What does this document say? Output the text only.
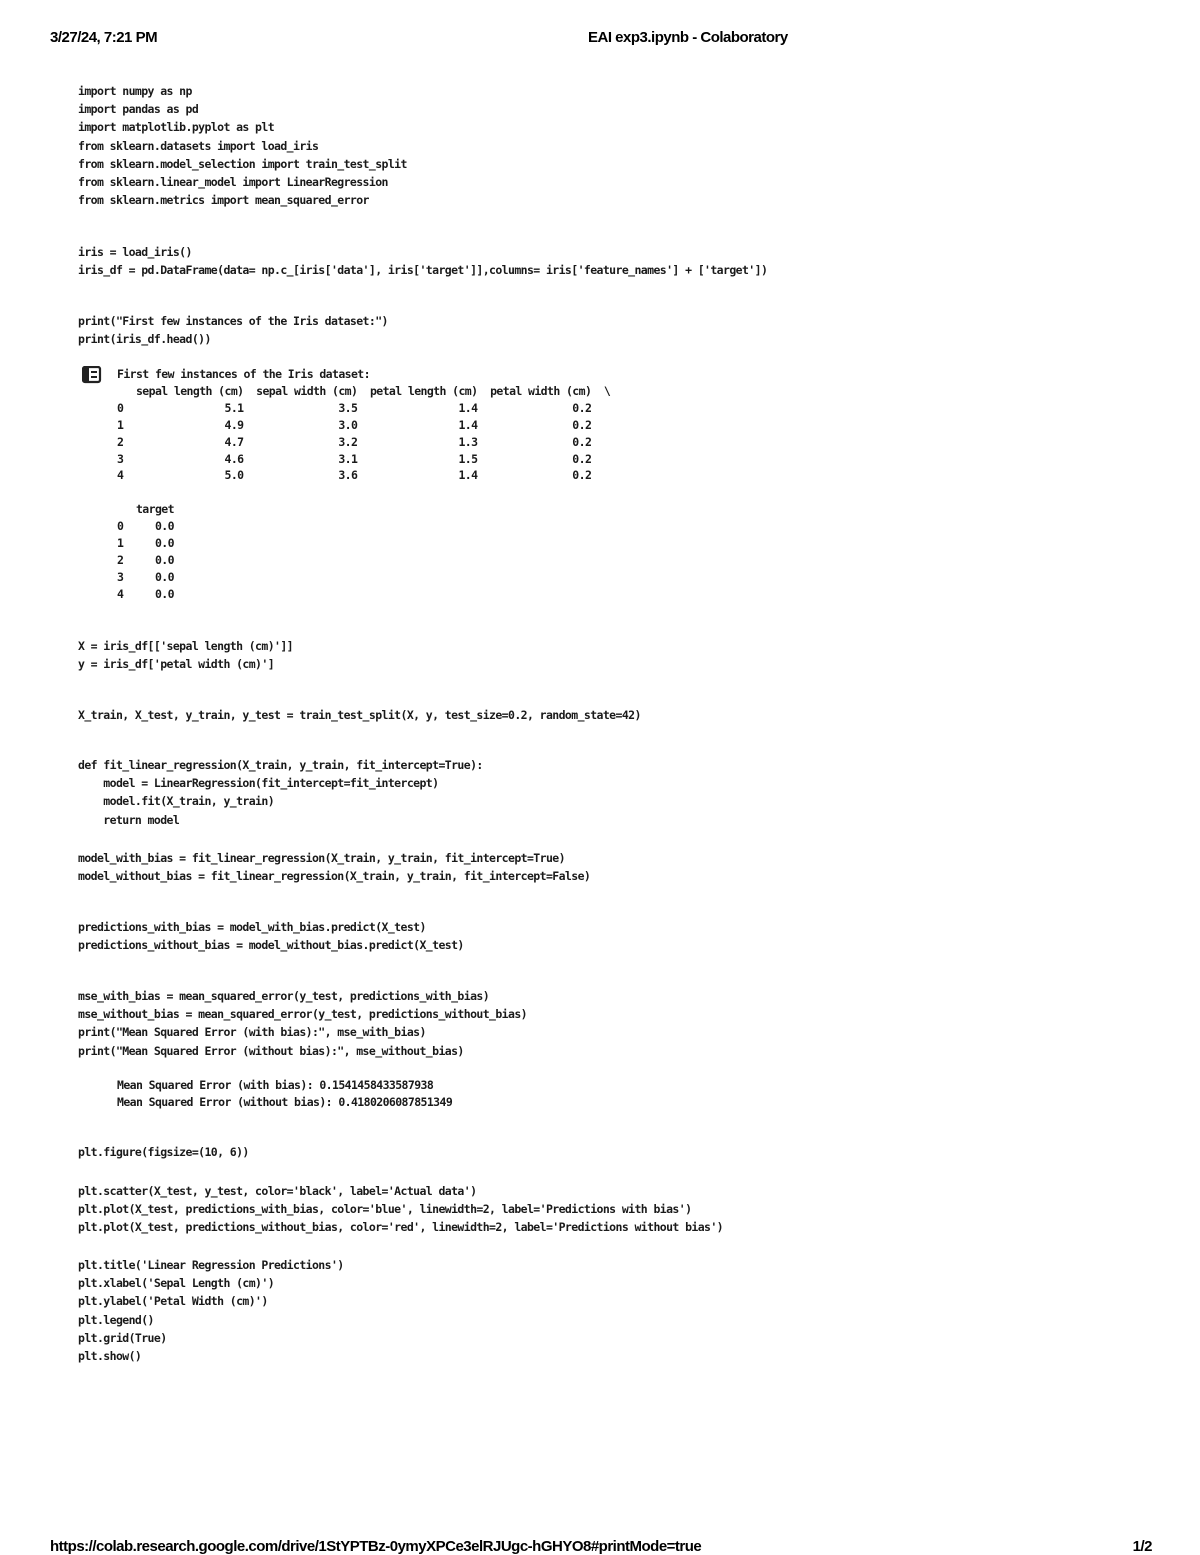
3/27/24, 7:21 PM	EAI exp3.ipynb - Colaboratory
import numpy as np
import pandas as pd
import matplotlib.pyplot as plt
from sklearn.datasets import load_iris
from sklearn.model_selection import train_test_split
from sklearn.linear_model import LinearRegression
from sklearn.metrics import mean_squared_error
iris = load_iris()
iris_df = pd.DataFrame(data= np.c_[iris['data'], iris['target']],columns= iris['feature_names'] + ['target'])
print("First few instances of the Iris dataset:")
print(iris_df.head())
First few instances of the Iris dataset:
sepal length (cm)  sepal width (cm)  petal length (cm)  petal width (cm)  \
0                5.1               3.5                1.4               0.2
1                4.9               3.0                1.4               0.2
2                4.7               3.2                1.3               0.2
3                4.6               3.1                1.5               0.2
4                5.0               3.6                1.4               0.2

target
0     0.0
1     0.0
2     0.0
3     0.0
4     0.0
X = iris_df[['sepal length (cm)']]
y = iris_df['petal width (cm)']
X_train, X_test, y_train, y_test = train_test_split(X, y, test_size=0.2, random_state=42)
def fit_linear_regression(X_train, y_train, fit_intercept=True):
model = LinearRegression(fit_intercept=fit_intercept)
model.fit(X_train, y_train)
return model
model_with_bias = fit_linear_regression(X_train, y_train, fit_intercept=True)
model_without_bias = fit_linear_regression(X_train, y_train, fit_intercept=False)
predictions_with_bias = model_with_bias.predict(X_test)
predictions_without_bias = model_without_bias.predict(X_test)
mse_with_bias = mean_squared_error(y_test, predictions_with_bias)
mse_without_bias = mean_squared_error(y_test, predictions_without_bias)
print("Mean Squared Error (with bias):", mse_with_bias)
print("Mean Squared Error (without bias):", mse_without_bias)
Mean Squared Error (with bias): 0.1541458433587938
Mean Squared Error (without bias): 0.4180206087851349
plt.figure(figsize=(10, 6))
plt.scatter(X_test, y_test, color='black', label='Actual data')
plt.plot(X_test, predictions_with_bias, color='blue', linewidth=2, label='Predictions with bias')
plt.plot(X_test, predictions_without_bias, color='red', linewidth=2, label='Predictions without bias')
plt.title('Linear Regression Predictions')
plt.xlabel('Sepal Length (cm)')
plt.ylabel('Petal Width (cm)')
plt.legend()
plt.grid(True)
plt.show()
https://colab.research.google.com/drive/1StYPTBz-0ymyXPCe3elRJUgc-hGHYO8#printMode=true	1/2
